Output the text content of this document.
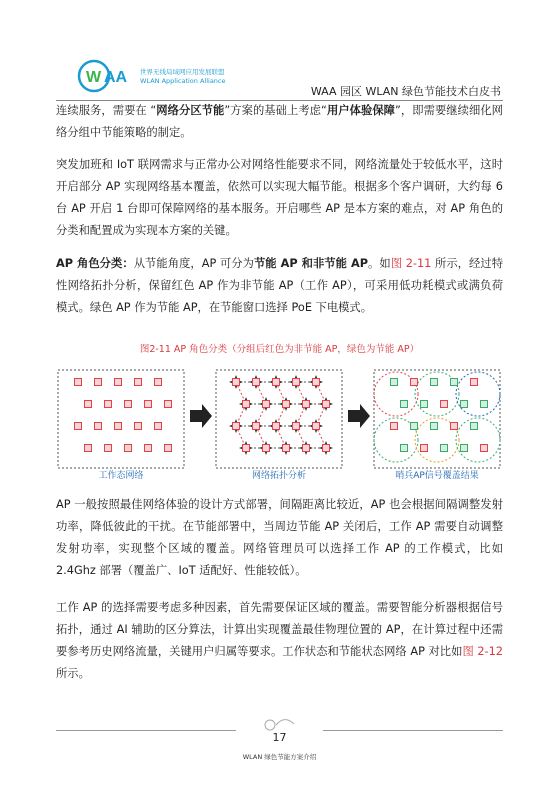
W AA 世界无线局域网应用发展联盟
WLAN Application Alliance
WAA 园区 WLAN 绿色节能技术白皮书

连续服务，需要在 “网络分区节能”方案的基础上考虑“用户体验保障”，即需要继续细化网络分组中节能策略的制定。

突发加班和 IoT 联网需求与正常办公对网络性能要求不同，网络流量处于较低水平，这时开启部分 AP 实现网络基本覆盖，依然可以实现大幅节能。根据多个客户调研，大约每 6 台 AP 开启 1 台即可保障网络的基本服务。开启哪些 AP 是本方案的难点，对 AP 角色的分类和配置成为实现本方案的关键。

AP 角色分类：从节能角度，AP 可分为节能 AP 和非节能 AP。如图 2-11 所示，经过特性网络拓扑分析，保留红色 AP 作为非节能 AP（工作 AP），可采用低功耗模式或满负荷模式。绿色 AP 作为节能 AP，在节能窗口选择 PoE 下电模式。

图2-11 AP 角色分类（分组后红色为非节能 AP，绿色为节能 AP）
工作态网络	网络拓扑分析	哨兵AP信号覆盖结果

AP 一般按照最佳网络体验的设计方式部署，间隔距离比较近，AP 也会根据间隔调整发射功率，降低彼此的干扰。在节能部署中，当周边节能 AP 关闭后，工作 AP 需要自动调整发射功率，实现整个区域的覆盖。网络管理员可以选择工作 AP 的工作模式，比如 2.4Ghz 部署（覆盖广、IoT 适配好、性能较低）。

工作 AP 的选择需要考虑多种因素，首先需要保证区域的覆盖。需要智能分析器根据信号拓扑，通过 AI 辅助的区分算法，计算出实现覆盖最佳物理位置的 AP，在计算过程中还需要参考历史网络流量，关键用户归属等要求。工作状态和节能状态网络 AP 对比如图 2-12 所示。

17
WLAN 绿色节能方案介绍
